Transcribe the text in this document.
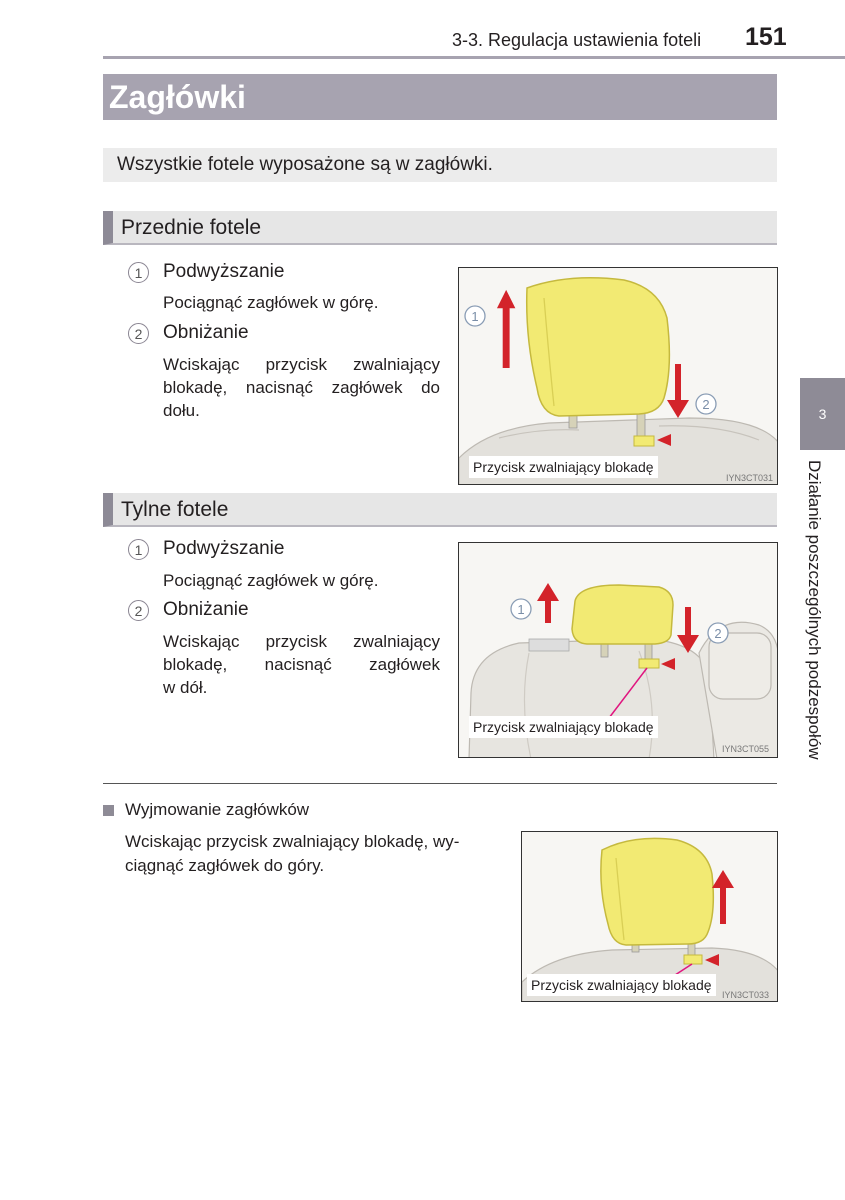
3-3. Regulacja ustawienia foteli 151
Zagłówki
Wszystkie fotele wyposażone są w zagłówki.
Przednie fotele
1	Podwyższanie
Pociągnąć zagłówek w górę.
2	Obniżanie
Wciskając przycisk zwalniający
blokadę, nacisnąć zagłówek do
dołu.
1
2
Przycisk zwalniający blokadę
IYN3CT031
Tylne fotele
1	Podwyższanie
Pociągnąć zagłówek w górę.
2	Obniżanie
Wciskając przycisk zwalniający
blokadę, nacisnąć zagłówek
w dół.
1
2
Przycisk zwalniający blokadę
IYN3CT055
3
Działanie poszczególnych podzespołów
Wyjmowanie zagłówków
Wciskając przycisk zwalniający blokadę, wy-
ciągnąć zagłówek do góry.
Przycisk zwalniający blokadę
IYN3CT033
